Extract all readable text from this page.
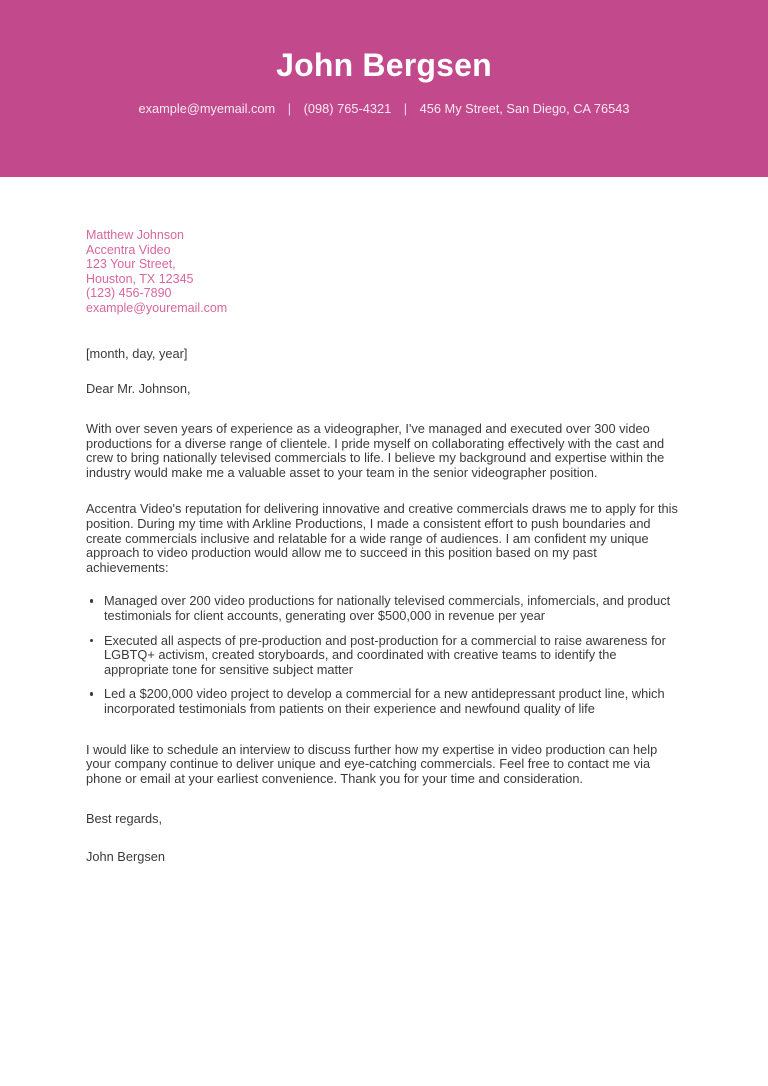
John Bergsen
example@myemail.com | (098) 765-4321 | 456 My Street, San Diego, CA 76543
Matthew Johnson
Accentra Video
123 Your Street,
Houston, TX 12345
(123) 456-7890
example@youremail.com
[month, day, year]
Dear Mr. Johnson,

With over seven years of experience as a videographer, I've managed and executed over 300 video productions for a diverse range of clientele. I pride myself on collaborating effectively with the cast and crew to bring nationally televised commercials to life. I believe my background and expertise within the industry would make me a valuable asset to your team in the senior videographer position.

Accentra Video's reputation for delivering innovative and creative commercials draws me to apply for this position. During my time with Arkline Productions, I made a consistent effort to push boundaries and create commercials inclusive and relatable for a wide range of audiences. I am confident my unique approach to video production would allow me to succeed in this position based on my past achievements:

Managed over 200 video productions for nationally televised commercials, infomercials, and product testimonials for client accounts, generating over $500,000 in revenue per year
Executed all aspects of pre-production and post-production for a commercial to raise awareness for LGBTQ+ activism, created storyboards, and coordinated with creative teams to identify the appropriate tone for sensitive subject matter
Led a $200,000 video project to develop a commercial for a new antidepressant product line, which incorporated testimonials from patients on their experience and newfound quality of life

I would like to schedule an interview to discuss further how my expertise in video production can help your company continue to deliver unique and eye-catching commercials. Feel free to contact me via phone or email at your earliest convenience. Thank you for your time and consideration.

Best regards,
John Bergsen
